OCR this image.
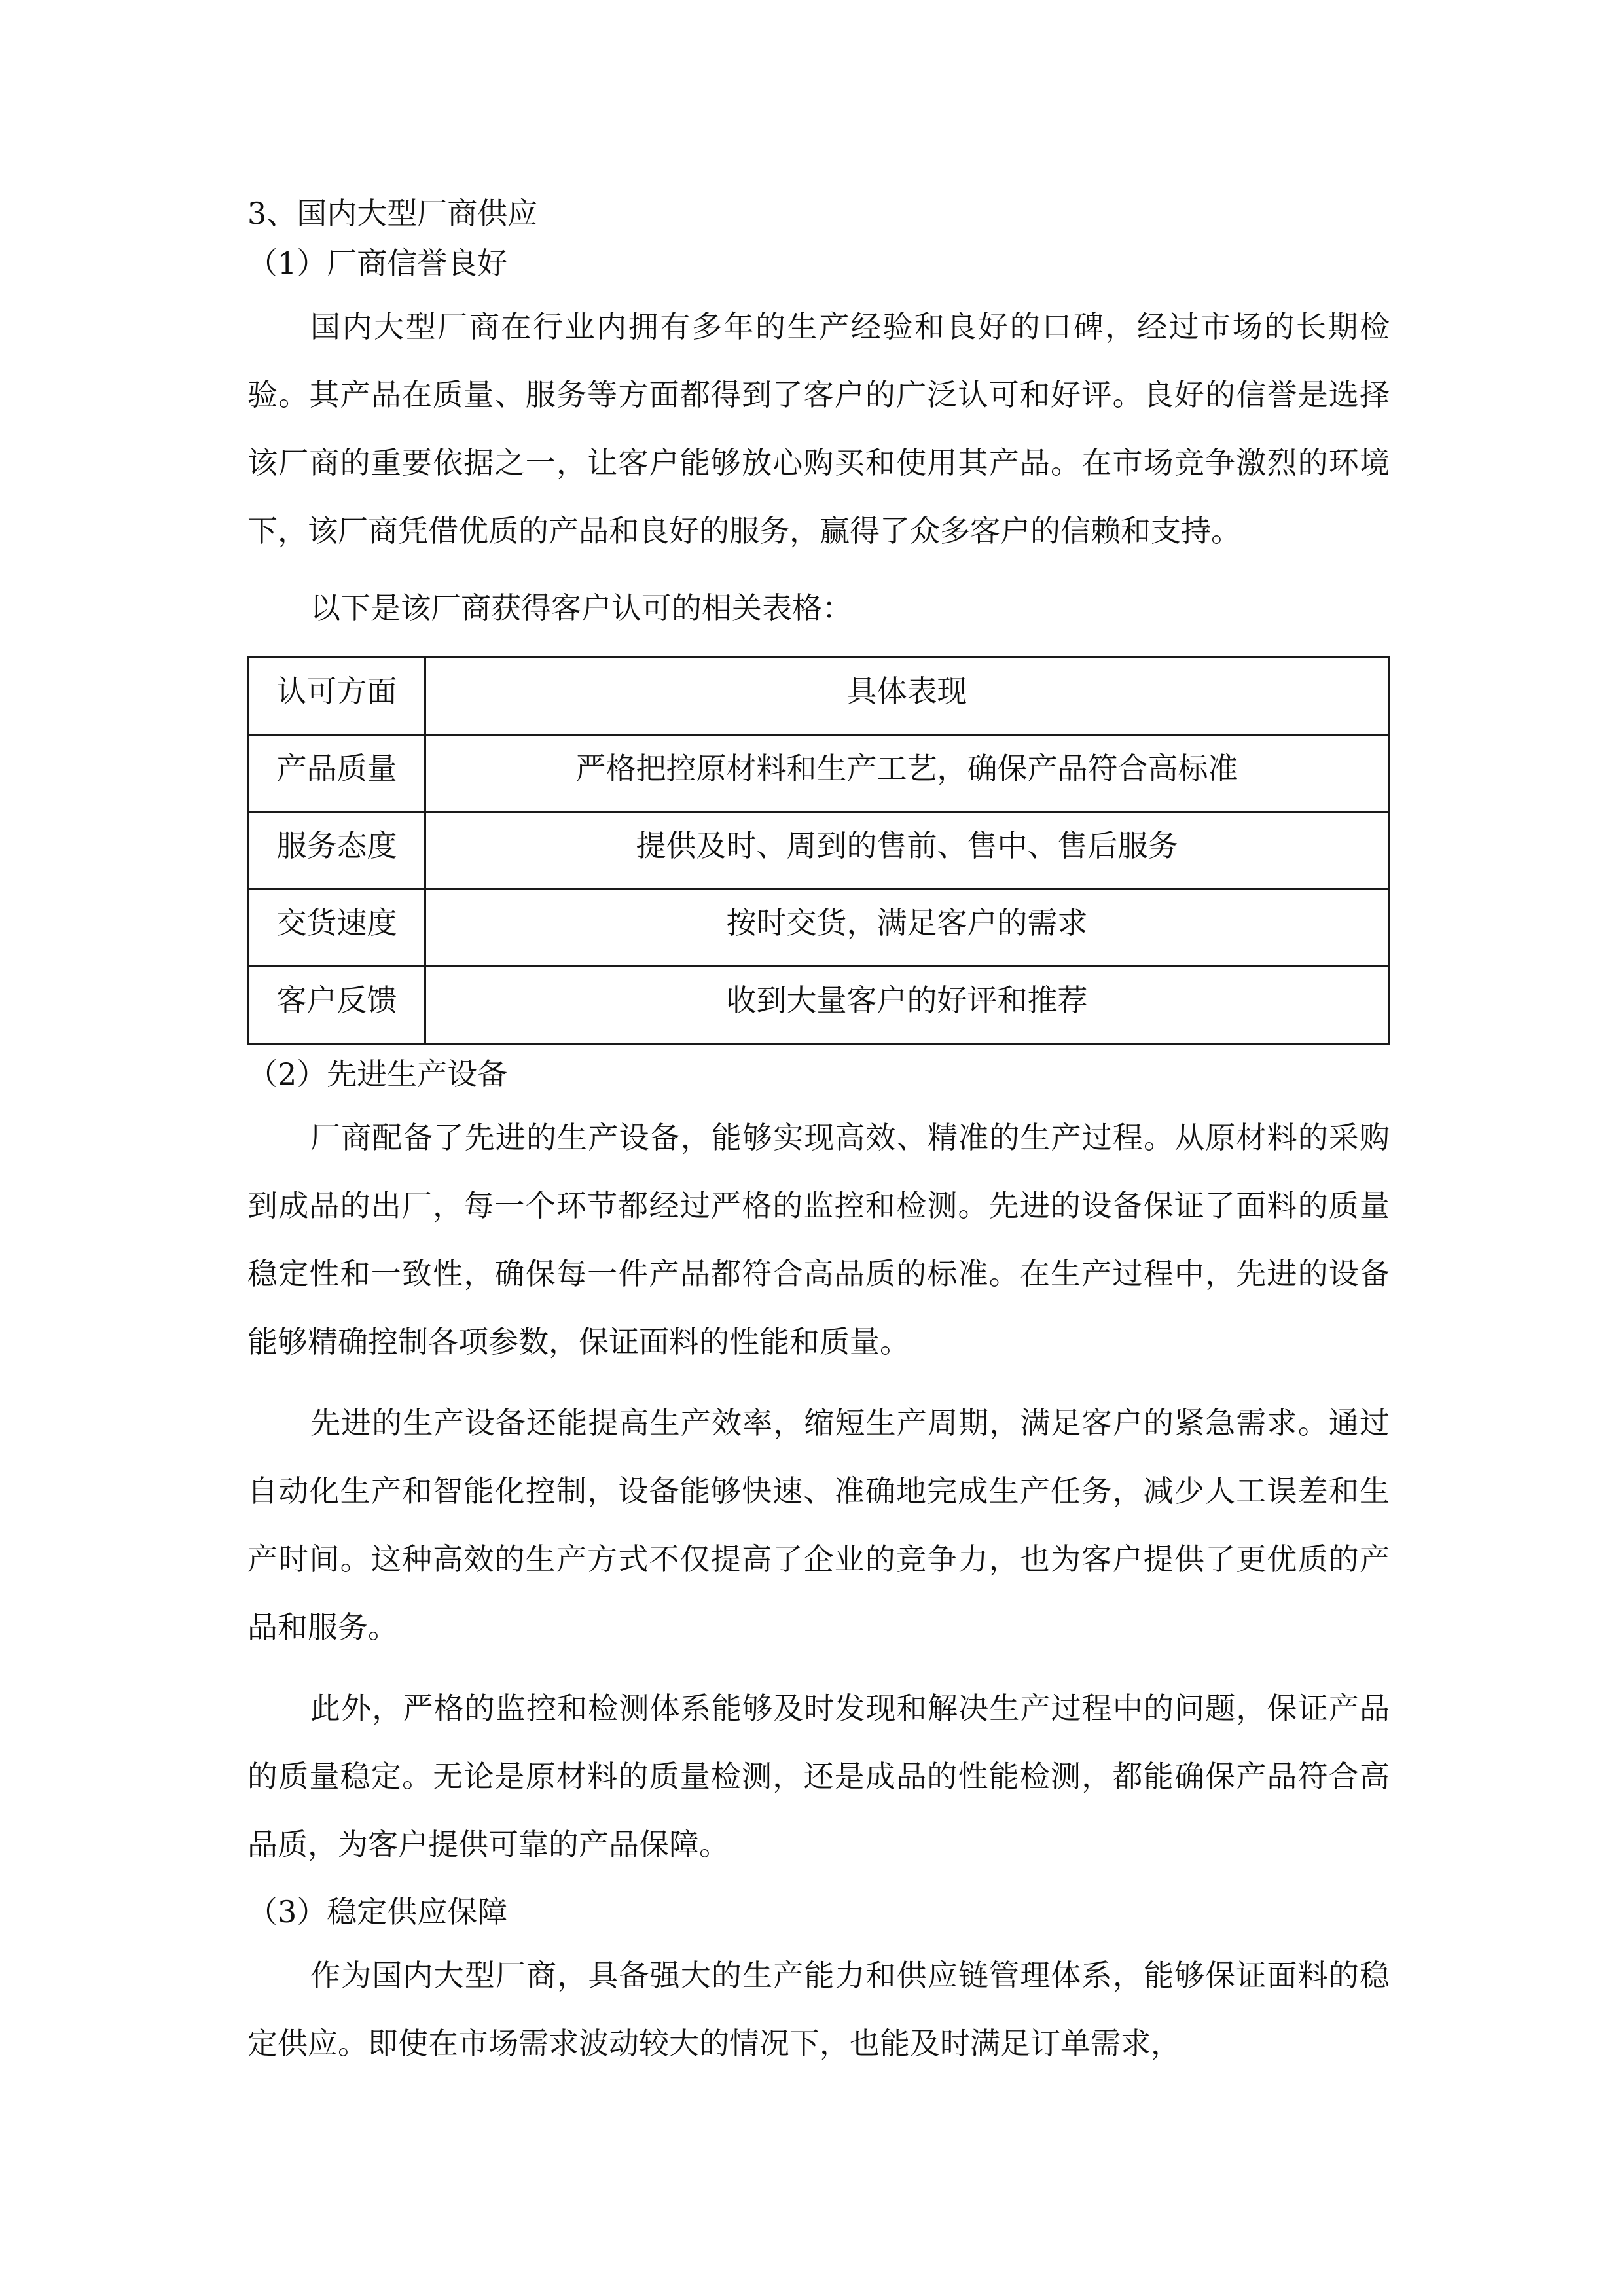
3、国内大型厂商供应

（1）厂商信誉良好

国内大型厂商在行业内拥有多年的生产经验和良好的口碑，经过市场的长期检验。其产品在质量、服务等方面都得到了客户的广泛认可和好评。良好的信誉是选择该厂商的重要依据之一，让客户能够放心购买和使用其产品。在市场竞争激烈的环境下，该厂商凭借优质的产品和良好的服务，赢得了众多客户的信赖和支持。

以下是该厂商获得客户认可的相关表格：

认可方面	具体表现
产品质量	严格把控原材料和生产工艺，确保产品符合高标准
服务态度	提供及时、周到的售前、售中、售后服务
交货速度	按时交货，满足客户的需求
客户反馈	收到大量客户的好评和推荐

（2）先进生产设备

厂商配备了先进的生产设备，能够实现高效、精准的生产过程。从原材料的采购到成品的出厂，每一个环节都经过严格的监控和检测。先进的设备保证了面料的质量稳定性和一致性，确保每一件产品都符合高品质的标准。在生产过程中，先进的设备能够精确控制各项参数，保证面料的性能和质量。

先进的生产设备还能提高生产效率，缩短生产周期，满足客户的紧急需求。通过自动化生产和智能化控制，设备能够快速、准确地完成生产任务，减少人工误差和生产时间。这种高效的生产方式不仅提高了企业的竞争力，也为客户提供了更优质的产品和服务。

此外，严格的监控和检测体系能够及时发现和解决生产过程中的问题，保证产品的质量稳定。无论是原材料的质量检测，还是成品的性能检测，都能确保产品符合高品质，为客户提供可靠的产品保障。

（3）稳定供应保障

作为国内大型厂商，具备强大的生产能力和供应链管理体系，能够保证面料的稳定供应。即使在市场需求波动较大的情况下，也能及时满足订单需求，
